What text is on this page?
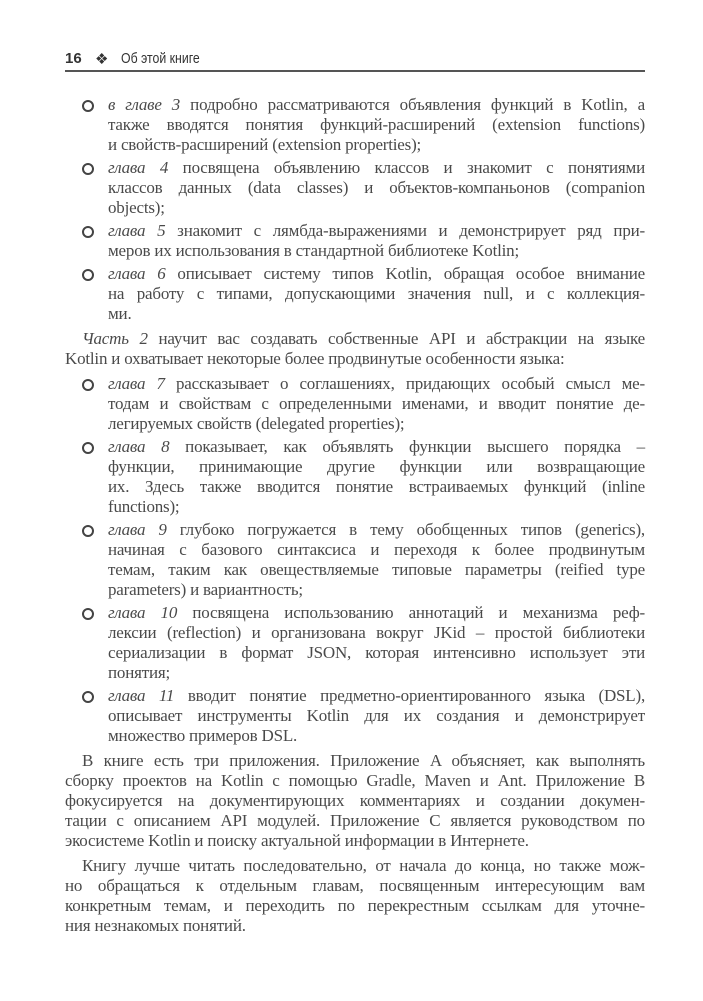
16 ❖ Об этой книге
в главе 3 подробно рассматриваются объявления функций в Kotlin, а
также вводятся понятия функций-расширений (extension functions)
и свойств-расширений (extension properties);
глава 4 посвящена объявлению классов и знакомит с понятиями
классов данных (data classes) и объектов-компаньонов (companion
objects);
глава 5 знакомит с лямбда-выражениями и демонстрирует ряд при-
меров их использования в стандартной библиотеке Kotlin;
глава 6 описывает систему типов Kotlin, обращая особое внимание
на работу с типами, допускающими значения null, и с коллекция-
ми.
Часть 2 научит вас создавать собственные API и абстракции на языке
Kotlin и охватывает некоторые более продвинутые особенности языка:
глава 7 рассказывает о соглашениях, придающих особый смысл ме-
тодам и свойствам с определенными именами, и вводит понятие де-
легируемых свойств (delegated properties);
глава 8 показывает, как объявлять функции высшего порядка –
функции, принимающие другие функции или возвращающие
их. Здесь также вводится понятие встраиваемых функций (inline
functions);
глава 9 глубоко погружается в тему обобщенных типов (generics),
начиная с базового синтаксиса и переходя к более продвинутым
темам, таким как овеществляемые типовые параметры (reified type
parameters) и вариантность;
глава 10 посвящена использованию аннотаций и механизма реф-
лексии (reflection) и организована вокруг JKid – простой библиотеки
сериализации в формат JSON, которая интенсивно использует эти
понятия;
глава 11 вводит понятие предметно-ориентированного языка (DSL),
описывает инструменты Kotlin для их создания и демонстрирует
множество примеров DSL.
В книге есть три приложения. Приложение A объясняет, как выполнять
сборку проектов на Kotlin с помощью Gradle, Maven и Ant. Приложение B
фокусируется на документирующих комментариях и создании докумен-
тации с описанием API модулей. Приложение C является руководством по
экосистеме Kotlin и поиску актуальной информации в Интернете.
Книгу лучше читать последовательно, от начала до конца, но также мож-
но обращаться к отдельным главам, посвященным интересующим вам
конкретным темам, и переходить по перекрестным ссылкам для уточне-
ния незнакомых понятий.
